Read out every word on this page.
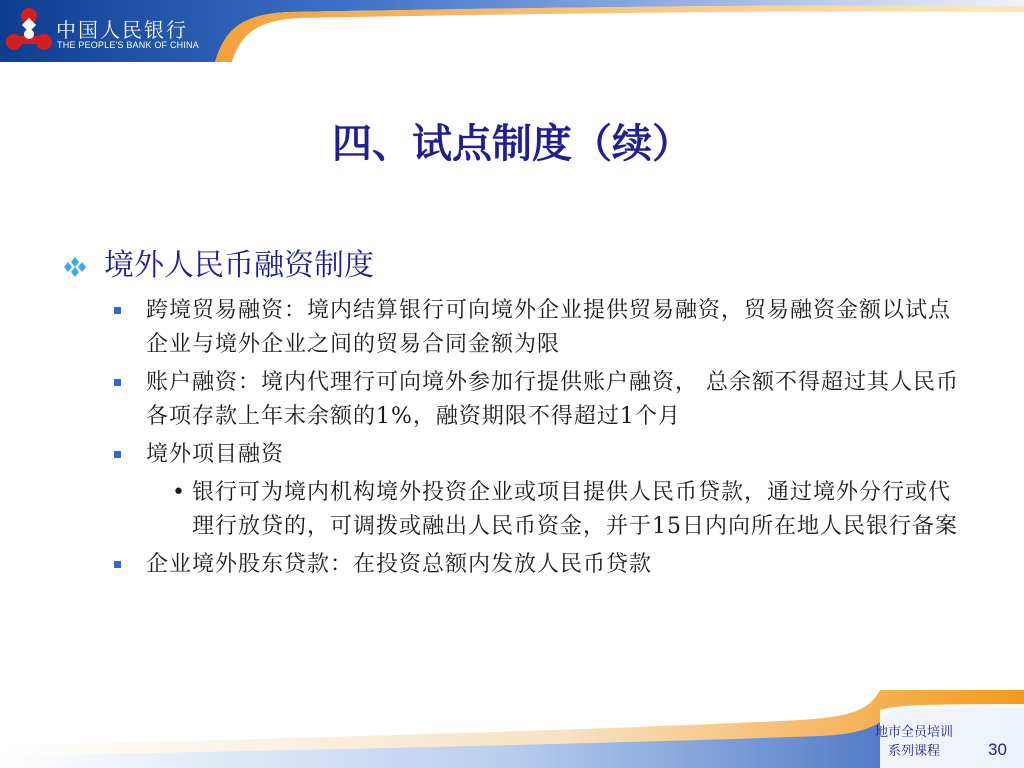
中国人民银行
THE PEOPLE'S BANK OF CHINA
四、试点制度（续）
境外人民币融资制度
跨境贸易融资：境内结算银行可向境外企业提供贸易融资，贸易融资金额以试点企业与境外企业之间的贸易合同金额为限
账户融资：境内代理行可向境外参加行提供账户融资， 总余额不得超过其人民币各项存款上年末余额的1%，融资期限不得超过1个月
境外项目融资
• 银行可为境内机构境外投资企业或项目提供人民币贷款，通过境外分行或代理行放贷的，可调拨或融出人民币资金，并于15日内向所在地人民银行备案
企业境外股东贷款：在投资总额内发放人民币贷款
地市全员培训
系列课程	30
